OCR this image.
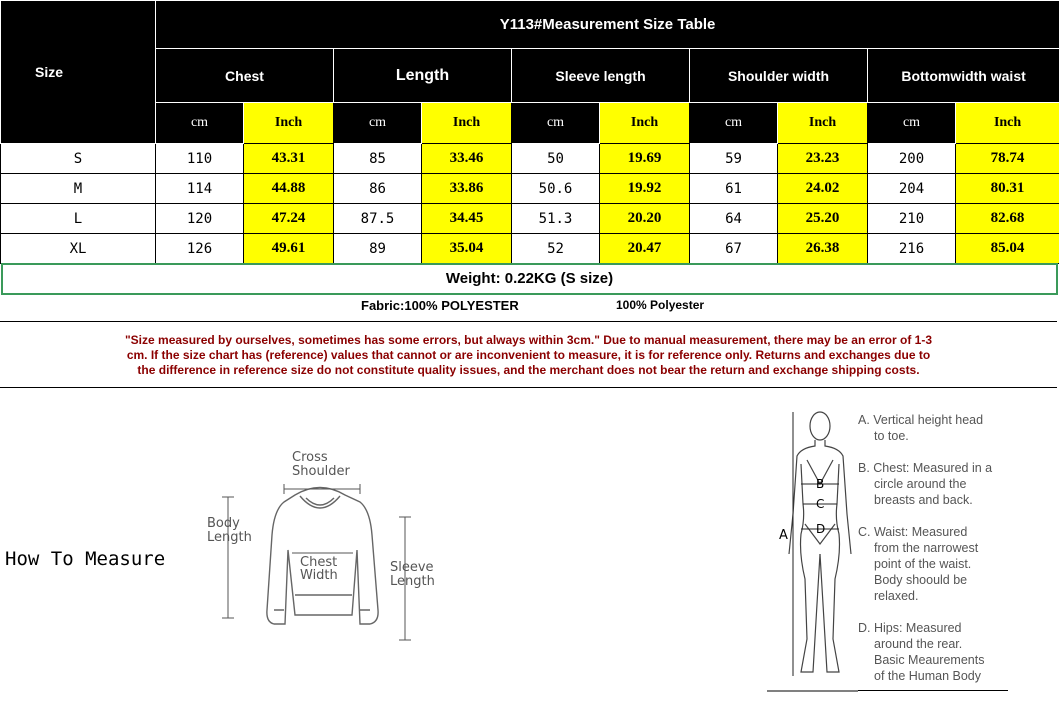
Size	Y113#Measurement Size Table									
	Chest		Length		Sleeve length		Shoulder width		Bottomwidth waist	
	cm	Inch	cm	Inch	cm	Inch	cm	Inch	cm	Inch
S	110	43.31	85	33.46	50	19.69	59	23.23	200	78.74
M	114	44.88	86	33.86	50.6	19.92	61	24.02	204	80.31
L	120	47.24	87.5	34.45	51.3	20.20	64	25.20	210	82.68
XL	126	49.61	89	35.04	52	20.47	67	26.38	216	85.04
Weight: 0.22KG (S size)
Fabric:100% POLYESTER	100% Polyester
"Size measured by ourselves, sometimes has some errors, but always within 3cm." Due to manual measurement, there may be an error of 1-3
cm. If the size chart has (reference) values that cannot or are inconvenient to measure, it is for reference only. Returns and exchanges due to
the difference in reference size do not constitute quality issues, and the merchant does not bear the return and exchange shipping costs.
How To Measure
Cross
Shoulder
Body
Length
Chest
Width
Sleeve
Length
A
B
C
D
A. Vertical height head
to toe.
B. Chest: Measured in a
circle around the
breasts and back.
C. Waist: Measured
from the narrowest
point of the waist.
Body shoould be
relaxed.
D. Hips: Measured
around the rear.
Basic Meaurements
of the Human Body
